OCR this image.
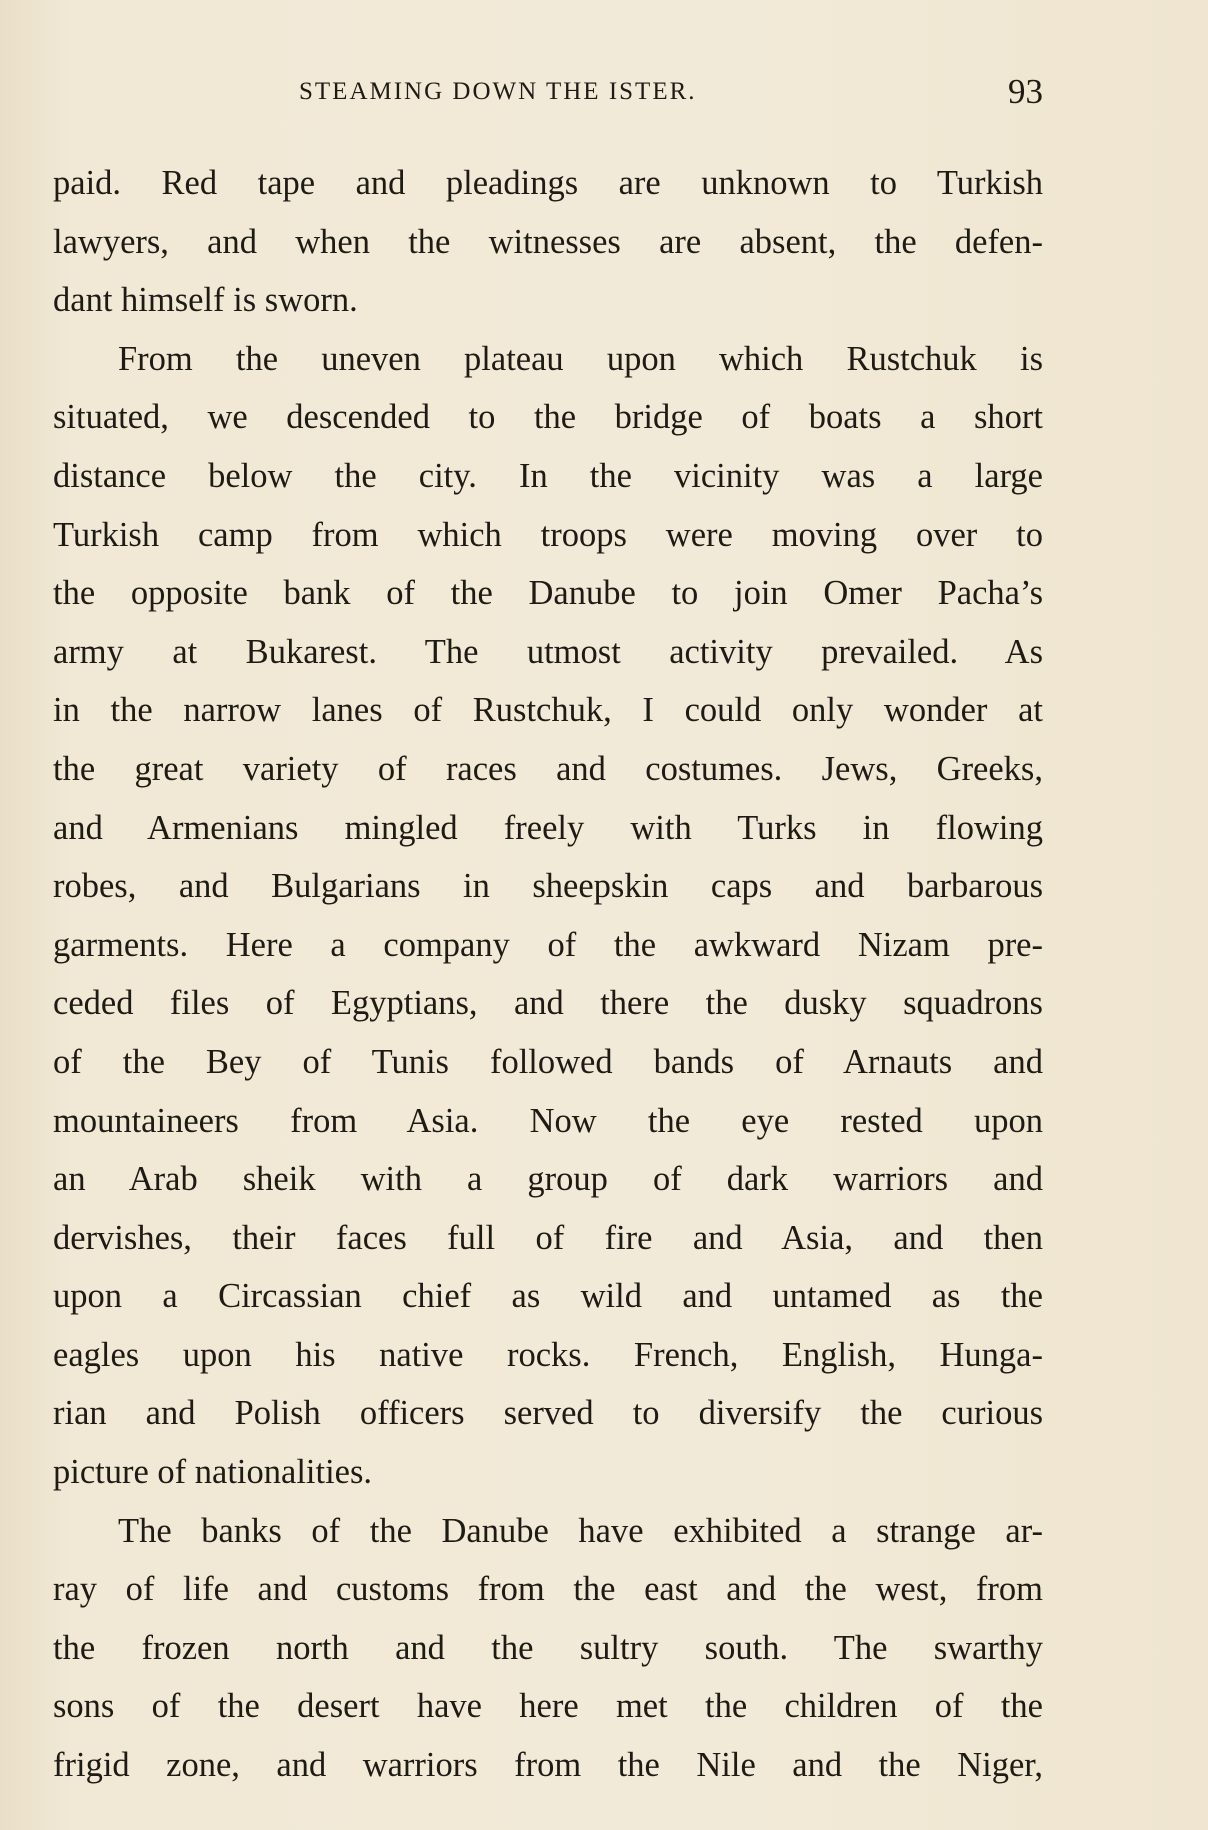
STEAMING DOWN THE ISTER.	93

paid. Red tape and pleadings are unknown to Turkish
lawyers, and when the witnesses are absent, the defen-
dant himself is sworn.

From the uneven plateau upon which Rustchuk is
situated, we descended to the bridge of boats a short
distance below the city. In the vicinity was a large
Turkish camp from which troops were moving over to
the opposite bank of the Danube to join Omer Pacha’s
army at Bukarest. The utmost activity prevailed. As
in the narrow lanes of Rustchuk, I could only wonder at
the great variety of races and costumes. Jews, Greeks,
and Armenians mingled freely with Turks in flowing
robes, and Bulgarians in sheepskin caps and barbarous
garments. Here a company of the awkward Nizam pre-
ceded files of Egyptians, and there the dusky squadrons
of the Bey of Tunis followed bands of Arnauts and
mountaineers from Asia. Now the eye rested upon
an Arab sheik with a group of dark warriors and
dervishes, their faces full of fire and Asia, and then
upon a Circassian chief as wild and untamed as the
eagles upon his native rocks. French, English, Hunga-
rian and Polish officers served to diversify the curious
picture of nationalities.

The banks of the Danube have exhibited a strange ar-
ray of life and customs from the east and the west, from
the frozen north and the sultry south. The swarthy
sons of the desert have here met the children of the
frigid zone, and warriors from the Nile and the Niger,
